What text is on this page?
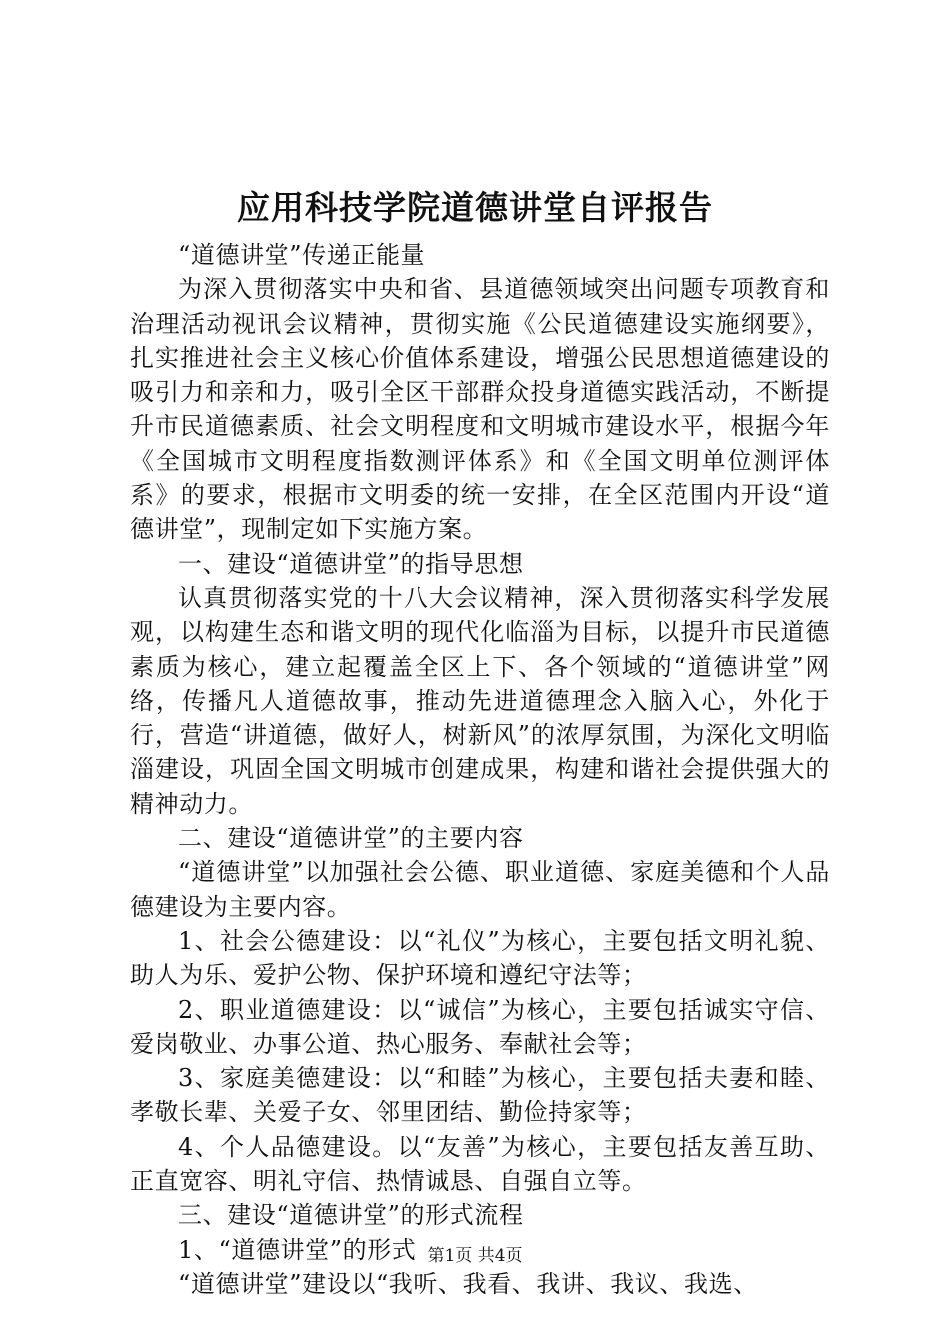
应用科技学院道德讲堂自评报告

“道德讲堂”传递正能量

为深入贯彻落实中央和省、县道德领域突出问题专项教育和治理活动视讯会议精神，贯彻实施《公民道德建设实施纲要》，扎实推进社会主义核心价值体系建设，增强公民思想道德建设的吸引力和亲和力，吸引全区干部群众投身道德实践活动，不断提升市民道德素质、社会文明程度和文明城市建设水平，根据今年《全国城市文明程度指数测评体系》和《全国文明单位测评体系》的要求，根据市文明委的统一安排，在全区范围内开设“道德讲堂”，现制定如下实施方案。

一、建设“道德讲堂”的指导思想

认真贯彻落实党的十八大会议精神，深入贯彻落实科学发展观，以构建生态和谐文明的现代化临淄为目标，以提升市民道德素质为核心，建立起覆盖全区上下、各个领域的“道德讲堂”网络，传播凡人道德故事，推动先进道德理念入脑入心，外化于行，营造“讲道德，做好人，树新风”的浓厚氛围，为深化文明临淄建设，巩固全国文明城市创建成果，构建和谐社会提供强大的精神动力。

二、建设“道德讲堂”的主要内容

“道德讲堂”以加强社会公德、职业道德、家庭美德和个人品德建设为主要内容。

1、社会公德建设：以“礼仪”为核心，主要包括文明礼貌、助人为乐、爱护公物、保护环境和遵纪守法等；

2、职业道德建设：以“诚信”为核心，主要包括诚实守信、爱岗敬业、办事公道、热心服务、奉献社会等；

3、家庭美德建设：以“和睦”为核心，主要包括夫妻和睦、孝敬长辈、关爱子女、邻里团结、勤俭持家等；

4、个人品德建设。以“友善”为核心，主要包括友善互助、正直宽容、明礼守信、热情诚恳、自强自立等。

三、建设“道德讲堂”的形式流程

1、“道德讲堂”的形式

“道德讲堂”建设以“我听、我看、我讲、我议、我选、

第1页 共4页
